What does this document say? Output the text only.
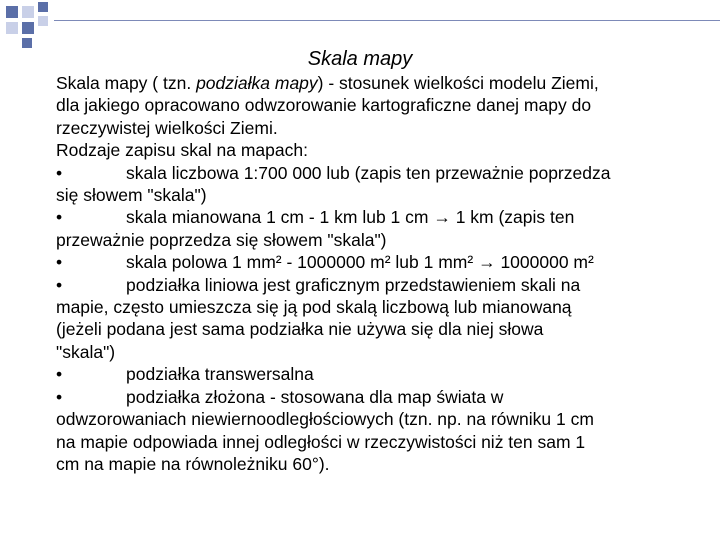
Skala mapy
Skala mapy ( tzn. podziałka mapy) - stosunek wielkości modelu Ziemi,
dla jakiego opracowano odwzorowanie kartograficzne danej mapy do
rzeczywistej wielkości Ziemi.
Rodzaje zapisu skal na mapach:
•	skala liczbowa 1:700 000 lub (zapis ten przeważnie poprzedza
się słowem "skala")
•	skala mianowana 1 cm - 1 km lub 1 cm → 1 km (zapis ten
przeważnie poprzedza się słowem "skala")
•	skala polowa 1 mm² - 1000000 m² lub 1 mm² → 1000000 m²
•	podziałka liniowa jest graficznym przedstawieniem skali na
mapie, często umieszcza się ją pod skalą liczbową lub mianowaną
(jeżeli podana jest sama podziałka nie używa się dla niej słowa
"skala")
•	podziałka transwersalna
•	podziałka złożona - stosowana dla map świata w
odwzorowaniach niewiernoodległościowych (tzn. np. na równiku 1 cm
na mapie odpowiada innej odległości w rzeczywistości niż ten sam 1
cm na mapie na równoleżniku 60°).
